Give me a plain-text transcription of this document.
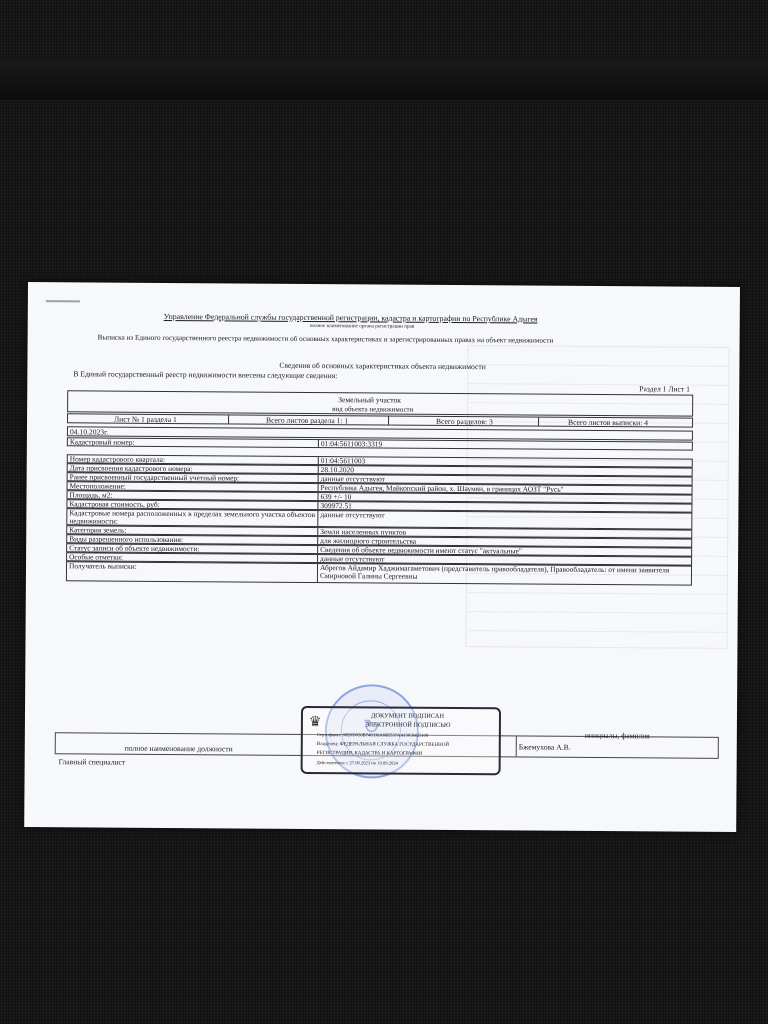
Управление Федеральной службы государственной регистрации, кадастра и картографии по Республике Адыгея
полное наименование органа регистрации прав
Выписка из Единого государственного реестра недвижимости об основных характеристиках и зарегистрированных правах на объект недвижимости
Сведения об основных характеристиках объекта недвижимости
В Единый государственный реестр недвижимости внесены следующие сведения:
Раздел 1 Лист 1
Земельный участок
вид объекта недвижимости
Лист № 1 раздела 1	Всего листов раздела 1: 1	Всего разделов: 3	Всего листов выписки: 4
04.10.2023г.
Кадастровый номер:	01:04:5611003:3319
Номер кадастрового квартала:	01:04:5611003
Дата присвоения кадастрового номера:	28.10.2020
Ранее присвоенный государственный учетный номер:	данные отсутствуют
Местоположение:	Республика Адыгея, Майкопский район, х. Шаумян, в границах АОЗТ "Русь"
Площадь, м2:	639 +/- 10
Кадастровая стоимость, руб:	309972.51
Кадастровые номера расположенных в пределах земельного участка объектов недвижимости:
данные отсутствуют
Категория земель:	Земли населенных пунктов
Виды разрешенного использования:	для жилищного строительства
Статус записи об объекте недвижимости:	Сведения об объекте недвижимости имеют статус "актуальные"
Особые отметки:	данные отсутствуют
Получатель выписки:	Абрегов Айдамир Хаджимагаметович (представитель правообладателя), Правообладатель: от имени заявителя Смирновой Галины Сергеевны
↻
полное наименование должности
Главный специалист
инициалы, фамилия
Бжемухова А.В.
♛	ДОКУМЕНТ ПОДПИСАН
ЭЛЕКТРОННОЙ ПОДПИСЬЮ
Сертификат: 00E0D050B740338A68E537AAC0C8425108
Владелец: ФЕДЕРАЛЬНАЯ СЛУЖБА ГОСУДАРСТВЕННОЙ
РЕГИСТРАЦИИ, КАДАСТРА И КАРТОГРАФИИ
Действителен: с 27.06.2023 по 19.09.2024
